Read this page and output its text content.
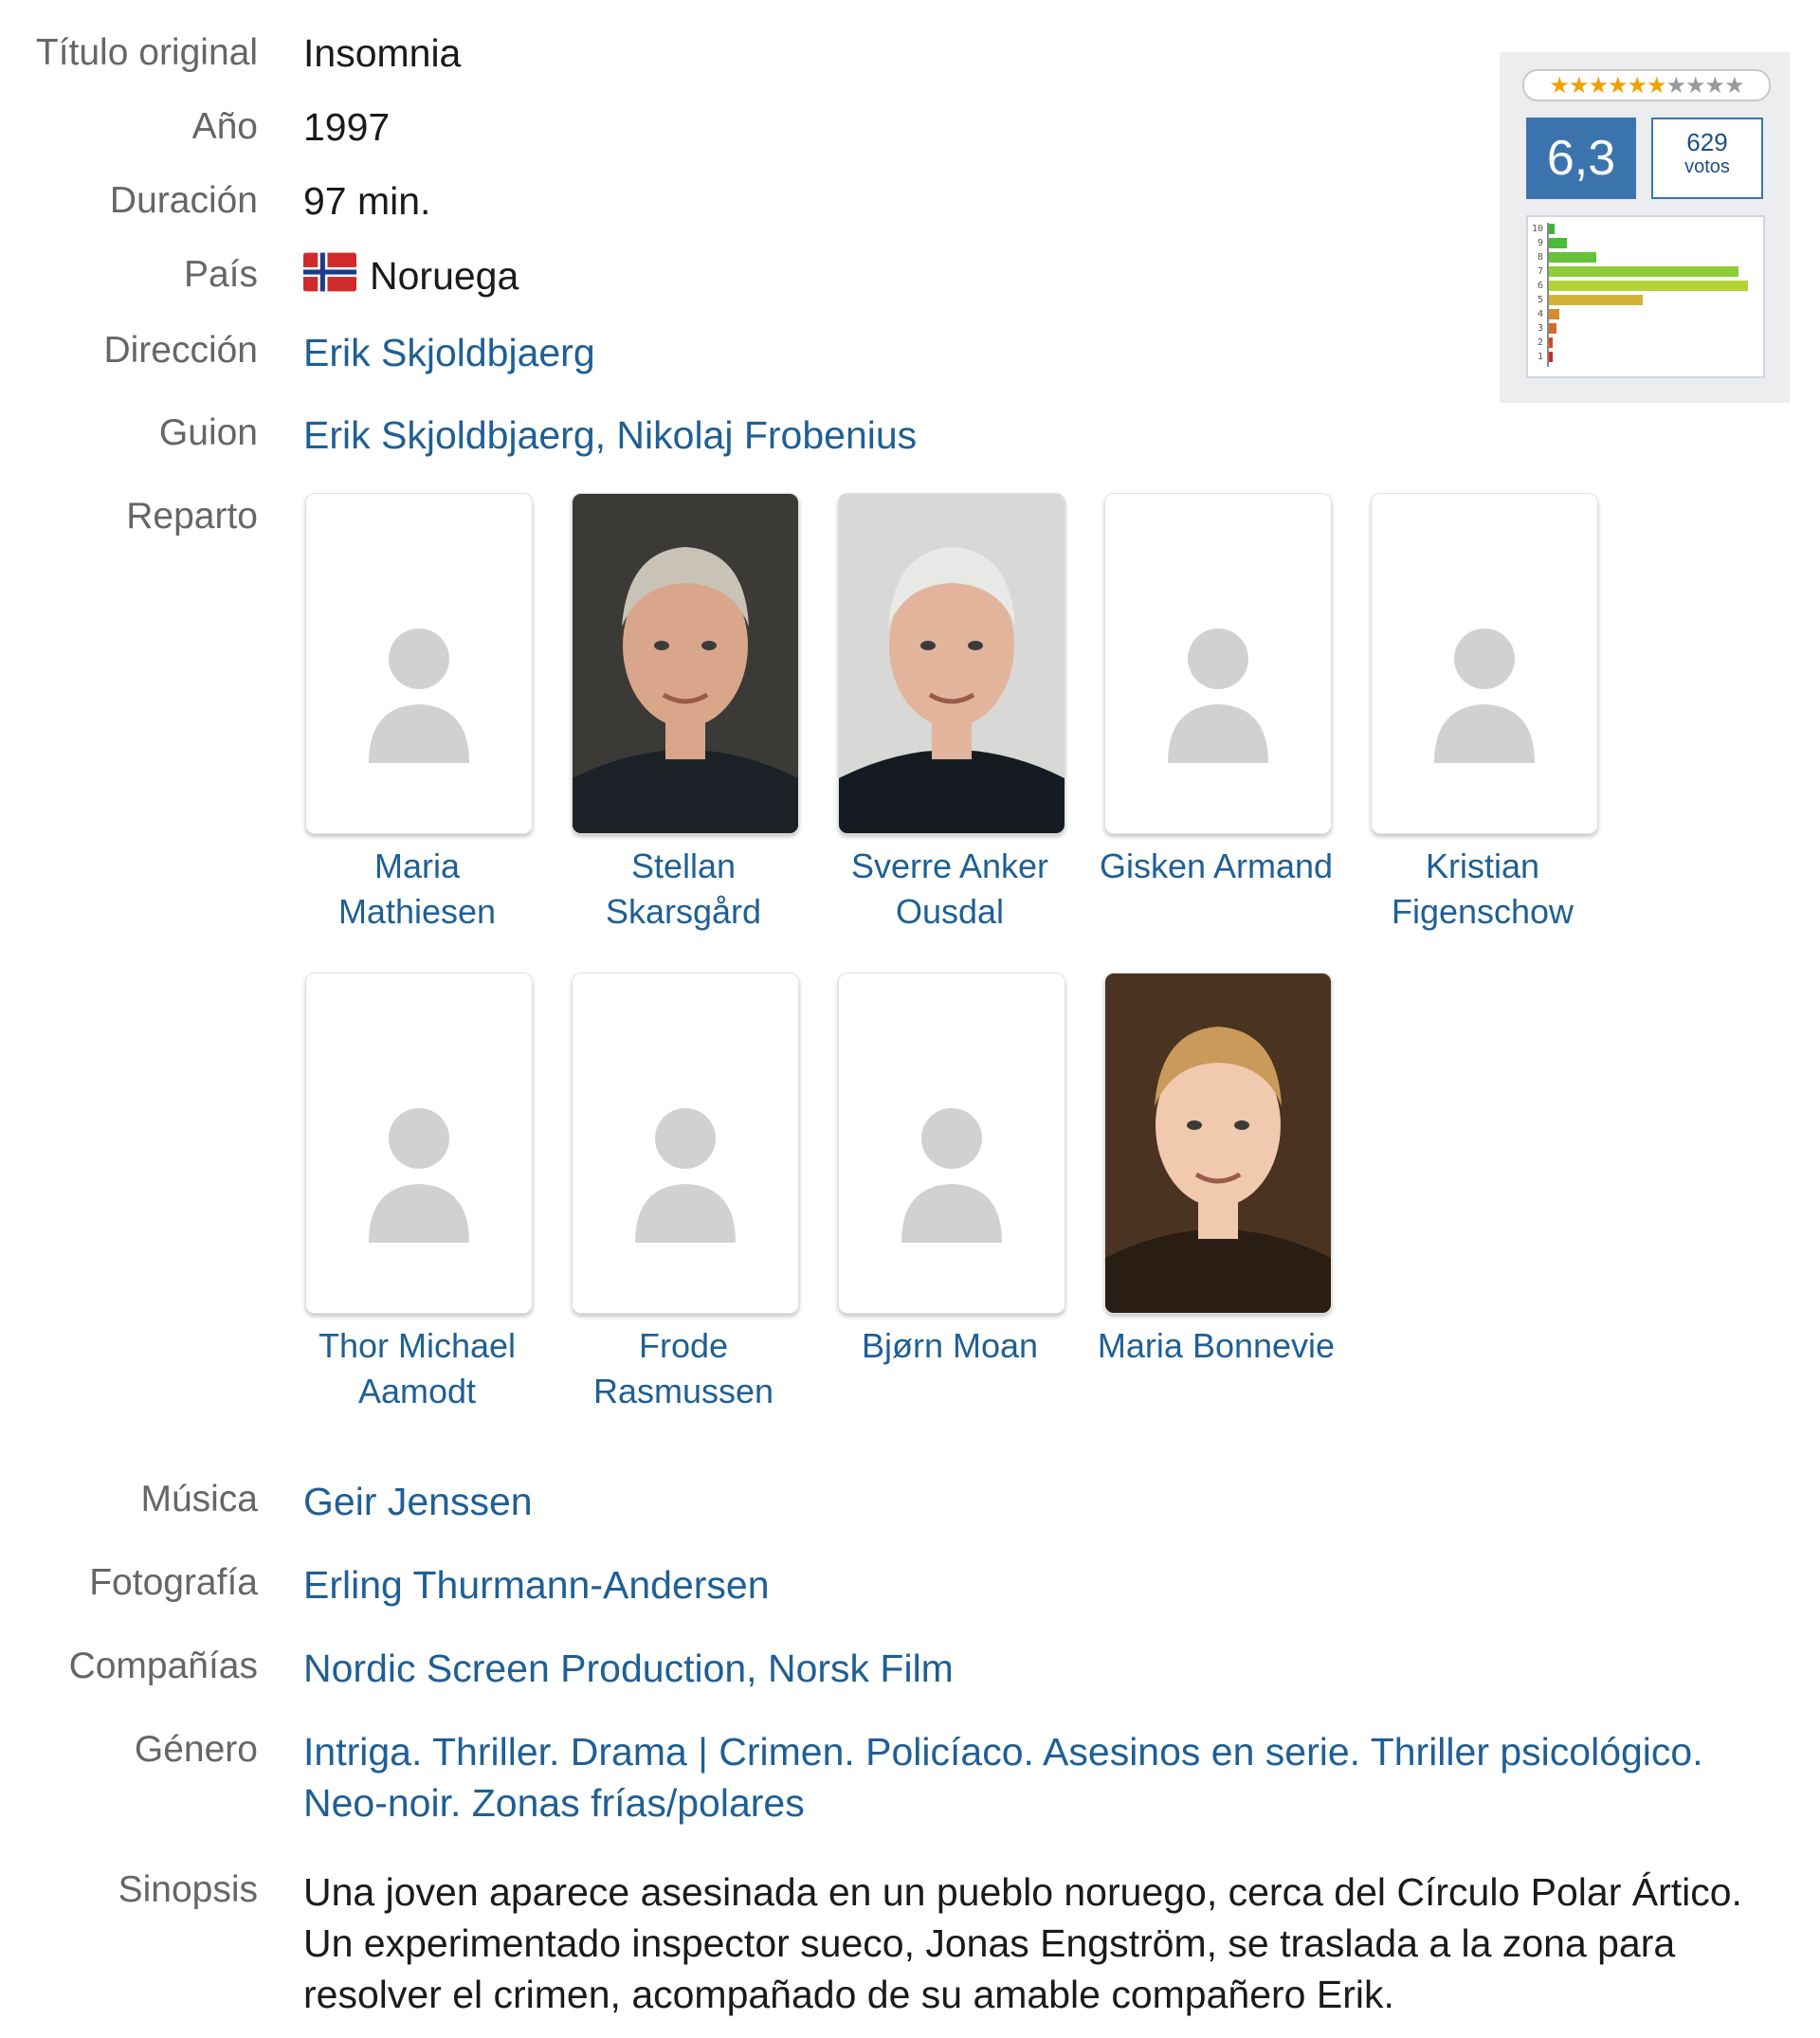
Título original Insomnia
Año 1997
Duración 97 min.
País	Noruega
Dirección Erik Skjoldbjaerg
Guion Erik Skjoldbjaerg, Nikolaj Frobenius
Reparto
★★★★★★★★★★
6,3	629
votos
10
9
8
7
6
5
4
3
2
1
Maria
Mathiesen
Stellan
Skarsgård
Sverre Anker
Ousdal
Gisken Armand	Kristian
Figenschow
Thor Michael
Aamodt
Frode
Rasmussen
Bjørn Moan	Maria Bonnevie
Música Geir Jenssen
Fotografía Erling Thurmann-Andersen
Compañías Nordic Screen Production, Norsk Film
Género Intriga. Thriller. Drama | Crimen. Policíaco. Asesinos en serie. Thriller psicológico.
Neo-noir. Zonas frías/polares
Sinopsis Una joven aparece asesinada en un pueblo noruego, cerca del Círculo Polar Ártico.
Un experimentado inspector sueco, Jonas Engström, se traslada a la zona para
resolver el crimen, acompañado de su amable compañero Erik.
